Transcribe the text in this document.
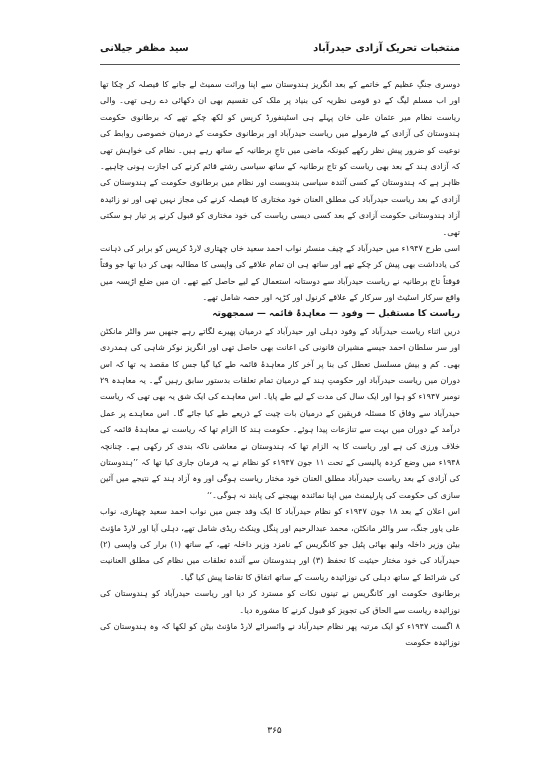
منتخبات تحریک آزادی حیدرآباد
سید مظفر جیلانی

دوسری جنگِ عظیم کے خاتمے کے بعد انگریز ہندوستان سے اپنا وراثت سمیٹ لے جانے کا فیصلہ کر چکا تھا اور اب مسلم لیگ کے دو قومی نظریہ کی بنیاد پر ملک کی تقسیم بھی ان دکھائی دے رہی تھی۔ والی ریاست نظام میر عثمان علی خان پہلے ہی اسٹینفورڈ کرپس کو لکھ چکے تھے کہ برطانوی حکومت ہندوستان کی آزادی کے فارمولے میں ریاست حیدرآباد اور برطانوی حکومت کے درمیان خصوصی روابط کی نوعیت کو ضرور پیش نظر رکھے کیونکہ ماضی میں تاجِ برطانیہ کے ساتھ رہے ہیں۔ نظام کی خواہش تھی کہ آزادی ہند کے بعد بھی ریاست کو تاج برطانیہ کے ساتھ سیاسی رشتے قائم کرنے کی اجازت ہونی چاہیے۔ ظاہر ہے کہ ہندوستان کے کسی آئندہ سیاسی بندوبست اور نظام میں برطانوی حکومت کے ہندوستان کی آزادی کے بعد ریاست حیدرآباد کی مطلق العنان خود مختاری کا فیصلہ کرنے کی مجاز نہیں تھی اور نو زائیدہ آزاد ہندوستانی حکومت آزادی کے بعد کسی دیسی ریاست کی خود مختاری کو قبول کرنے پر تیار ہو سکتی تھی۔

اسی طرح ۱۹۴۷ء میں حیدرآباد کے چیف منسٹر نواب احمد سعید خاں چھتاری لارڈ کرپس کو برابر کی ذہانت کی یادداشت بھی پیش کر چکے تھے اور ساتھ ہی ان تمام علاقے کی واپسی کا مطالبہ بھی کر دیا تھا جو وقتاً فوقتاً تاج برطانیہ نے ریاست حیدرآباد سے دوستانہ استعمال کے لیے حاصل کیے تھے۔ ان میں ضلع اڑیسہ میں واقع سرکار اسٹیٹ اور سرکار کے علاقے کرنول اور کڑپہ اور حصہ شامل تھے۔

ریاست کا مستقبل — وفود — معاہدۂ قائمہ — سمجھوتہ

دریں اثناء ریاست حیدرآباد کے وفود دہلی اور حیدرآباد کے درمیان پھیرے لگاتے رہے جنھیں سر والٹر مانکٹن اور سر سلطان احمد جیسے مشیران قانونی کی اعانت بھی حاصل تھی اور انگریز نوکر شاہی کی ہمدردی بھی۔ کم و بیش مسلسل تعطل کی بنا پر آخر کار معاہدۂ قائمہ طے کیا گیا جس کا مقصد یہ تھا کہ اس دوران میں ریاست حیدرآباد اور حکومتِ ہند کے درمیان تمام تعلقات بدستور سابق رہیں گے۔ یہ معاہدہ ۲۹ نومبر ۱۹۴۷ء کو ہوا اور ایک سال کی مدت کے لیے طے پایا۔ اس معاہدے کی ایک شق یہ بھی تھی کہ ریاست حیدرآباد سے وفاق کا مسئلہ فریقین کے درمیان بات چیت کے ذریعے طے کیا جائے گا۔ اس معاہدے پر عمل درآمد کے دوران میں بہت سے تنازعات پیدا ہوئے۔ حکومت ہند کا الزام تھا کہ ریاست نے معاہدۂ قائمہ کی خلاف ورزی کی ہے اور ریاست کا یہ الزام تھا کہ ہندوستان نے معاشی ناکہ بندی کر رکھی ہے۔ چنانچہ ۱۹۴۸ء میں وضع کردہ پالیسی کے تحت ۱۱ جون ۱۹۴۷ء کو نظام نے یہ فرمان جاری کیا تھا کہ ’’ہندوستان کی آزادی کے بعد ریاست حیدرآباد مطلق العنان خود مختار ریاست ہوگی اور وہ آزاد ہند کے نتیجے میں آئین سازی کی حکومت کی پارلیمنٹ میں اپنا نمائندہ بھیجنے کی پابند نہ ہوگی۔‘‘

اس اعلان کے بعد ۱۸ جون ۱۹۴۷ء کو نظام حیدرآباد کا ایک وفد جس میں نواب احمد سعید چھتاری، نواب علی یاور جنگ، سر والٹر مانکٹن، محمد عبدالرحیم اور پنگل وینکٹ ریڈی شامل تھے، دہلی آیا اور لارڈ ماؤنٹ بیٹن وزیر داخلہ ولبھ بھائی پٹیل جو کانگریس کے نامزد وزیر داخلہ تھے، کے ساتھ (۱) برار کی واپسی (۲) حیدرآباد کی خود مختار حیثیت کا تحفظ (۳) اور ہندوستان سے آئندہ تعلقات میں نظام کی مطلق العنانیت کی شرائط کے ساتھ دہلی کی نوزائیدہ ریاست کے ساتھ اتفاق کا تقاضا پیش کیا گیا۔

برطانوی حکومت اور کانگریس نے تینوں نکات کو مسترد کر دیا اور ریاست حیدرآباد کو ہندوستان کی نوزائیدہ ریاست سے الحاق کی تجویز کو قبول کرنے کا مشورہ دیا۔

۸ اگست ۱۹۴۷ء کو ایک مرتبہ پھر نظام حیدرآباد نے وائسرائے لارڈ ماؤنٹ بیٹن کو لکھا کہ وہ ہندوستان کی نوزائیدہ حکومت

۳۶۵
